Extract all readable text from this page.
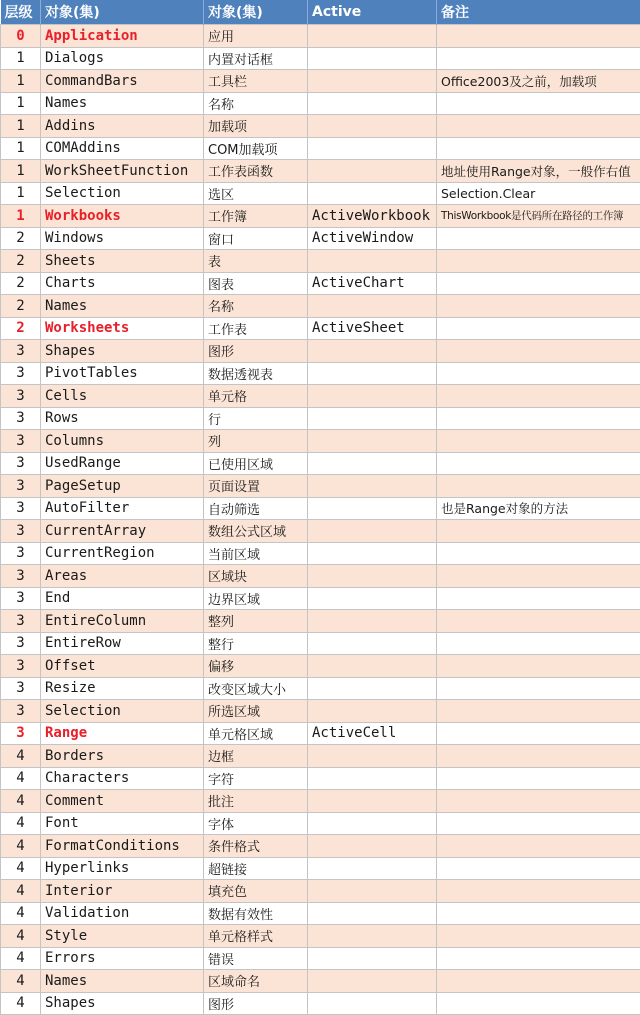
层级	对象(集)	对象(集)	Active	备注
0	Application	应用		
1	Dialogs	内置对话框		
1	CommandBars	工具栏		Office2003及之前，加载项
1	Names	名称		
1	Addins	加载项		
1	COMAddins	COM加载项		
1	WorkSheetFunction	工作表函数		地址使用Range对象，一般作右值
1	Selection	选区		Selection.Clear
1	Workbooks	工作簿	ActiveWorkbook	ThisWorkbook是代码所在路径的工作簿
2	Windows	窗口	ActiveWindow	
2	Sheets	表		
2	Charts	图表	ActiveChart	
2	Names	名称		
2	Worksheets	工作表	ActiveSheet	
3	Shapes	图形		
3	PivotTables	数据透视表		
3	Cells	单元格		
3	Rows	行		
3	Columns	列		
3	UsedRange	已使用区域		
3	PageSetup	页面设置		
3	AutoFilter	自动筛选		也是Range对象的方法
3	CurrentArray	数组公式区域		
3	CurrentRegion	当前区域		
3	Areas	区域块		
3	End	边界区域		
3	EntireColumn	整列		
3	EntireRow	整行		
3	Offset	偏移		
3	Resize	改变区域大小		
3	Selection	所选区域		
3	Range	单元格区域	ActiveCell	
4	Borders	边框		
4	Characters	字符		
4	Comment	批注		
4	Font	字体		
4	FormatConditions	条件格式		
4	Hyperlinks	超链接		
4	Interior	填充色		
4	Validation	数据有效性		
4	Style	单元格样式		
4	Errors	错误		
4	Names	区域命名		
4	Shapes	图形		
